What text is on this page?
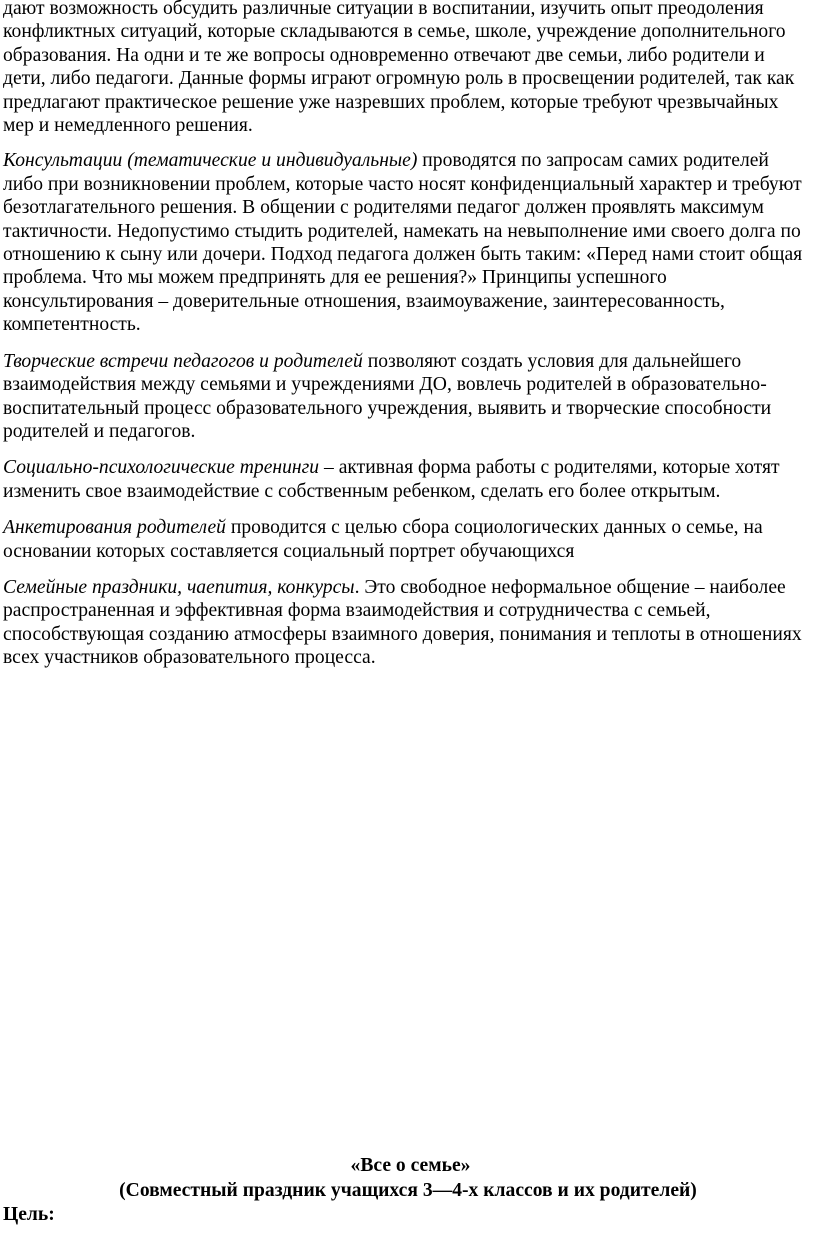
дают возможность обсудить различные ситуации в воспитании, изучить опыт преодоления конфликтных ситуаций, которые складываются в семье, школе, учреждение дополнительного образования. На одни и те же вопросы одновременно отвечают две семьи, либо родители и дети, либо педагоги. Данные формы играют огромную роль в просвещении родителей, так как предлагают практическое решение уже назревших проблем, которые требуют чрезвычайных мер и немедленного решения.

Консультации (тематические и индивидуальные) проводятся по запросам самих родителей либо при возникновении проблем, которые часто носят конфиденциальный характер и требуют безотлагательного решения. В общении с родителями педагог должен проявлять максимум тактичности. Недопустимо стыдить родителей, намекать на невыполнение ими своего долга по отношению к сыну или дочери. Подход педагога должен быть таким: «Перед нами стоит общая проблема. Что мы можем предпринять для ее решения?» Принципы успешного консультирования – доверительные отношения, взаимоуважение, заинтересованность, компетентность.

Творческие встречи педагогов и родителей позволяют создать условия для дальнейшего взаимодействия между семьями и учреждениями ДО, вовлечь родителей в образовательно-воспитательный процесс образовательного учреждения, выявить и творческие способности родителей и педагогов.

Социально-психологические тренинги – активная форма работы с родителями, которые хотят изменить свое взаимодействие с собственным ребенком, сделать его более открытым.

Анкетирования родителей проводится с целью сбора социологических данных о семье, на основании которых составляется социальный портрет обучающихся

Семейные праздники, чаепития, конкурсы. Это свободное неформальное общение – наиболее распространенная и эффективная форма взаимодействия и сотрудничества с семьей, способствующая созданию атмосферы взаимного доверия, понимания и теплоты в отношениях всех участников образовательного процесса.

«Все о семье»
(Совместный праздник учащихся 3—4-х классов и их родителей)
Цель:
